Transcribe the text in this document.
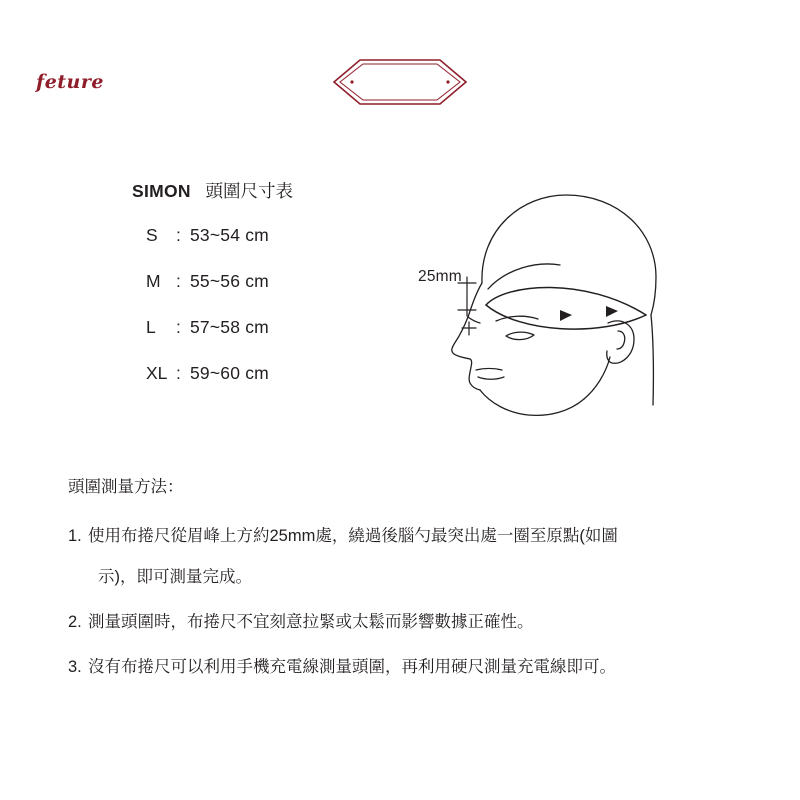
feture
SIMON 頭圍尺寸表
S	: 53~54 cm
M : 55~56 cm
L	: 57~58 cm
XL : 59~60 cm
25mm
頭圍測量方法：
1. 使用布捲尺從眉峰上方約25mm處，繞過後腦勺最突出處一圈至原點(如圖
示)，即可測量完成。
2. 測量頭圍時，布捲尺不宜刻意拉緊或太鬆而影響數據正確性。
3. 沒有布捲尺可以利用手機充電線測量頭圍，再利用硬尺測量充電線即可。
